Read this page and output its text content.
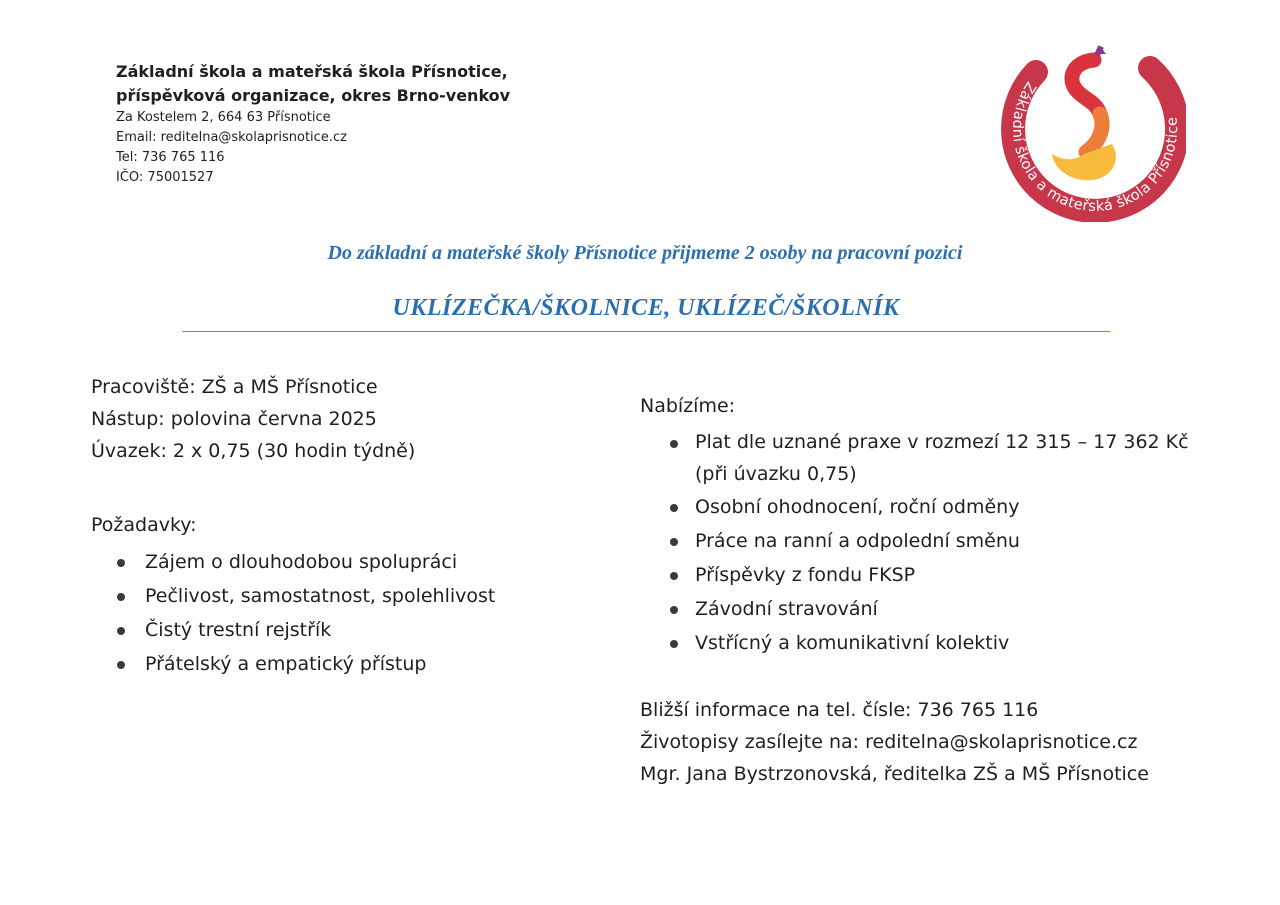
Základní škola a mateřská škola Přísnotice,

příspěvková organizace, okres Brno-venkov

Za Kostelem 2, 664 63 Přísnotice

Email: reditelna@skolaprisnotice.cz

Tel: 736 765 116

IČO: 75001527

Základní škola a mateřská škola Přísnotice
Do základní a mateřské školy Přísnotice přijmeme 2 osoby na pracovní pozici
UKLÍZEČKA/ŠKOLNICE, UKLÍZEČ/ŠKOLNÍK

Pracoviště: ZŠ a MŠ Přísnotice

Nástup: polovina června 2025

Úvazek: 2 x 0,75 (30 hodin týdně)

Požadavky:

Zájem o dlouhodobou spolupráci
Pečlivost, samostatnost, spolehlivost
Čistý trestní rejstřík
Přátelský a empatický přístup

Nabízíme:

Plat dle uznané praxe v rozmezí 12 315 – 17 362 Kč (při úvazku 0,75)
Osobní ohodnocení, roční odměny
Práce na ranní a odpolední směnu
Příspěvky z fondu FKSP
Závodní stravování
Vstřícný a komunikativní kolektiv

Bližší informace na tel. čísle: 736 765 116

Životopisy zasílejte na: reditelna@skolaprisnotice.cz

Mgr. Jana Bystrzonovská, ředitelka ZŠ a MŠ Přísnotice
